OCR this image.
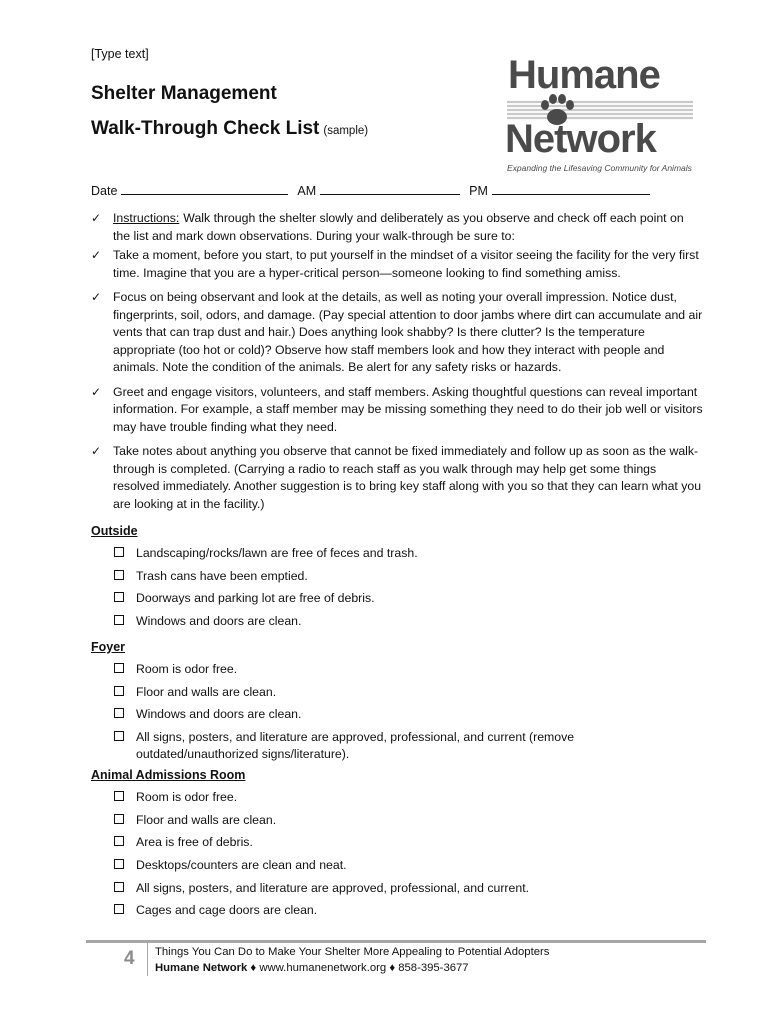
[Type text]
Shelter Management
Walk-Through Check List (sample)
Humane
Network
Expanding the Lifesaving Community for Animals
Date	AM	PM
✓ Instructions: Walk through the shelter slowly and deliberately as you observe and check off each point on the list and mark down observations. During your walk-through be sure to:
✓ Take a moment, before you start, to put yourself in the mindset of a visitor seeing the facility for the very first time. Imagine that you are a hyper-critical person—someone looking to find something amiss.
✓ Focus on being observant and look at the details, as well as noting your overall impression. Notice dust, fingerprints, soil, odors, and damage. (Pay special attention to door jambs where dirt can accumulate and air vents that can trap dust and hair.) Does anything look shabby? Is there clutter? Is the temperature appropriate (too hot or cold)? Observe how staff members look and how they interact with people and animals. Note the condition of the animals. Be alert for any safety risks or hazards.
✓ Greet and engage visitors, volunteers, and staff members. Asking thoughtful questions can reveal important information. For example, a staff member may be missing something they need to do their job well or visitors may have trouble finding what they need.
✓ Take notes about anything you observe that cannot be fixed immediately and follow up as soon as the walk-through is completed. (Carrying a radio to reach staff as you walk through may help get some things resolved immediately. Another suggestion is to bring key staff along with you so that they can learn what you are looking at in the facility.)
Outside
Landscaping/rocks/lawn are free of feces and trash.
Trash cans have been emptied.
Doorways and parking lot are free of debris.
Windows and doors are clean.
Foyer
Room is odor free.
Floor and walls are clean.
Windows and doors are clean.
All signs, posters, and literature are approved, professional, and current (remove outdated/unauthorized signs/literature).
Animal Admissions Room
Room is odor free.
Floor and walls are clean.
Area is free of debris.
Desktops/counters are clean and neat.
All signs, posters, and literature are approved, professional, and current.
Cages and cage doors are clean.
4 Things You Can Do to Make Your Shelter More Appealing to Potential Adopters
Humane Network ♦ www.humanenetwork.org ♦ 858-395-3677
